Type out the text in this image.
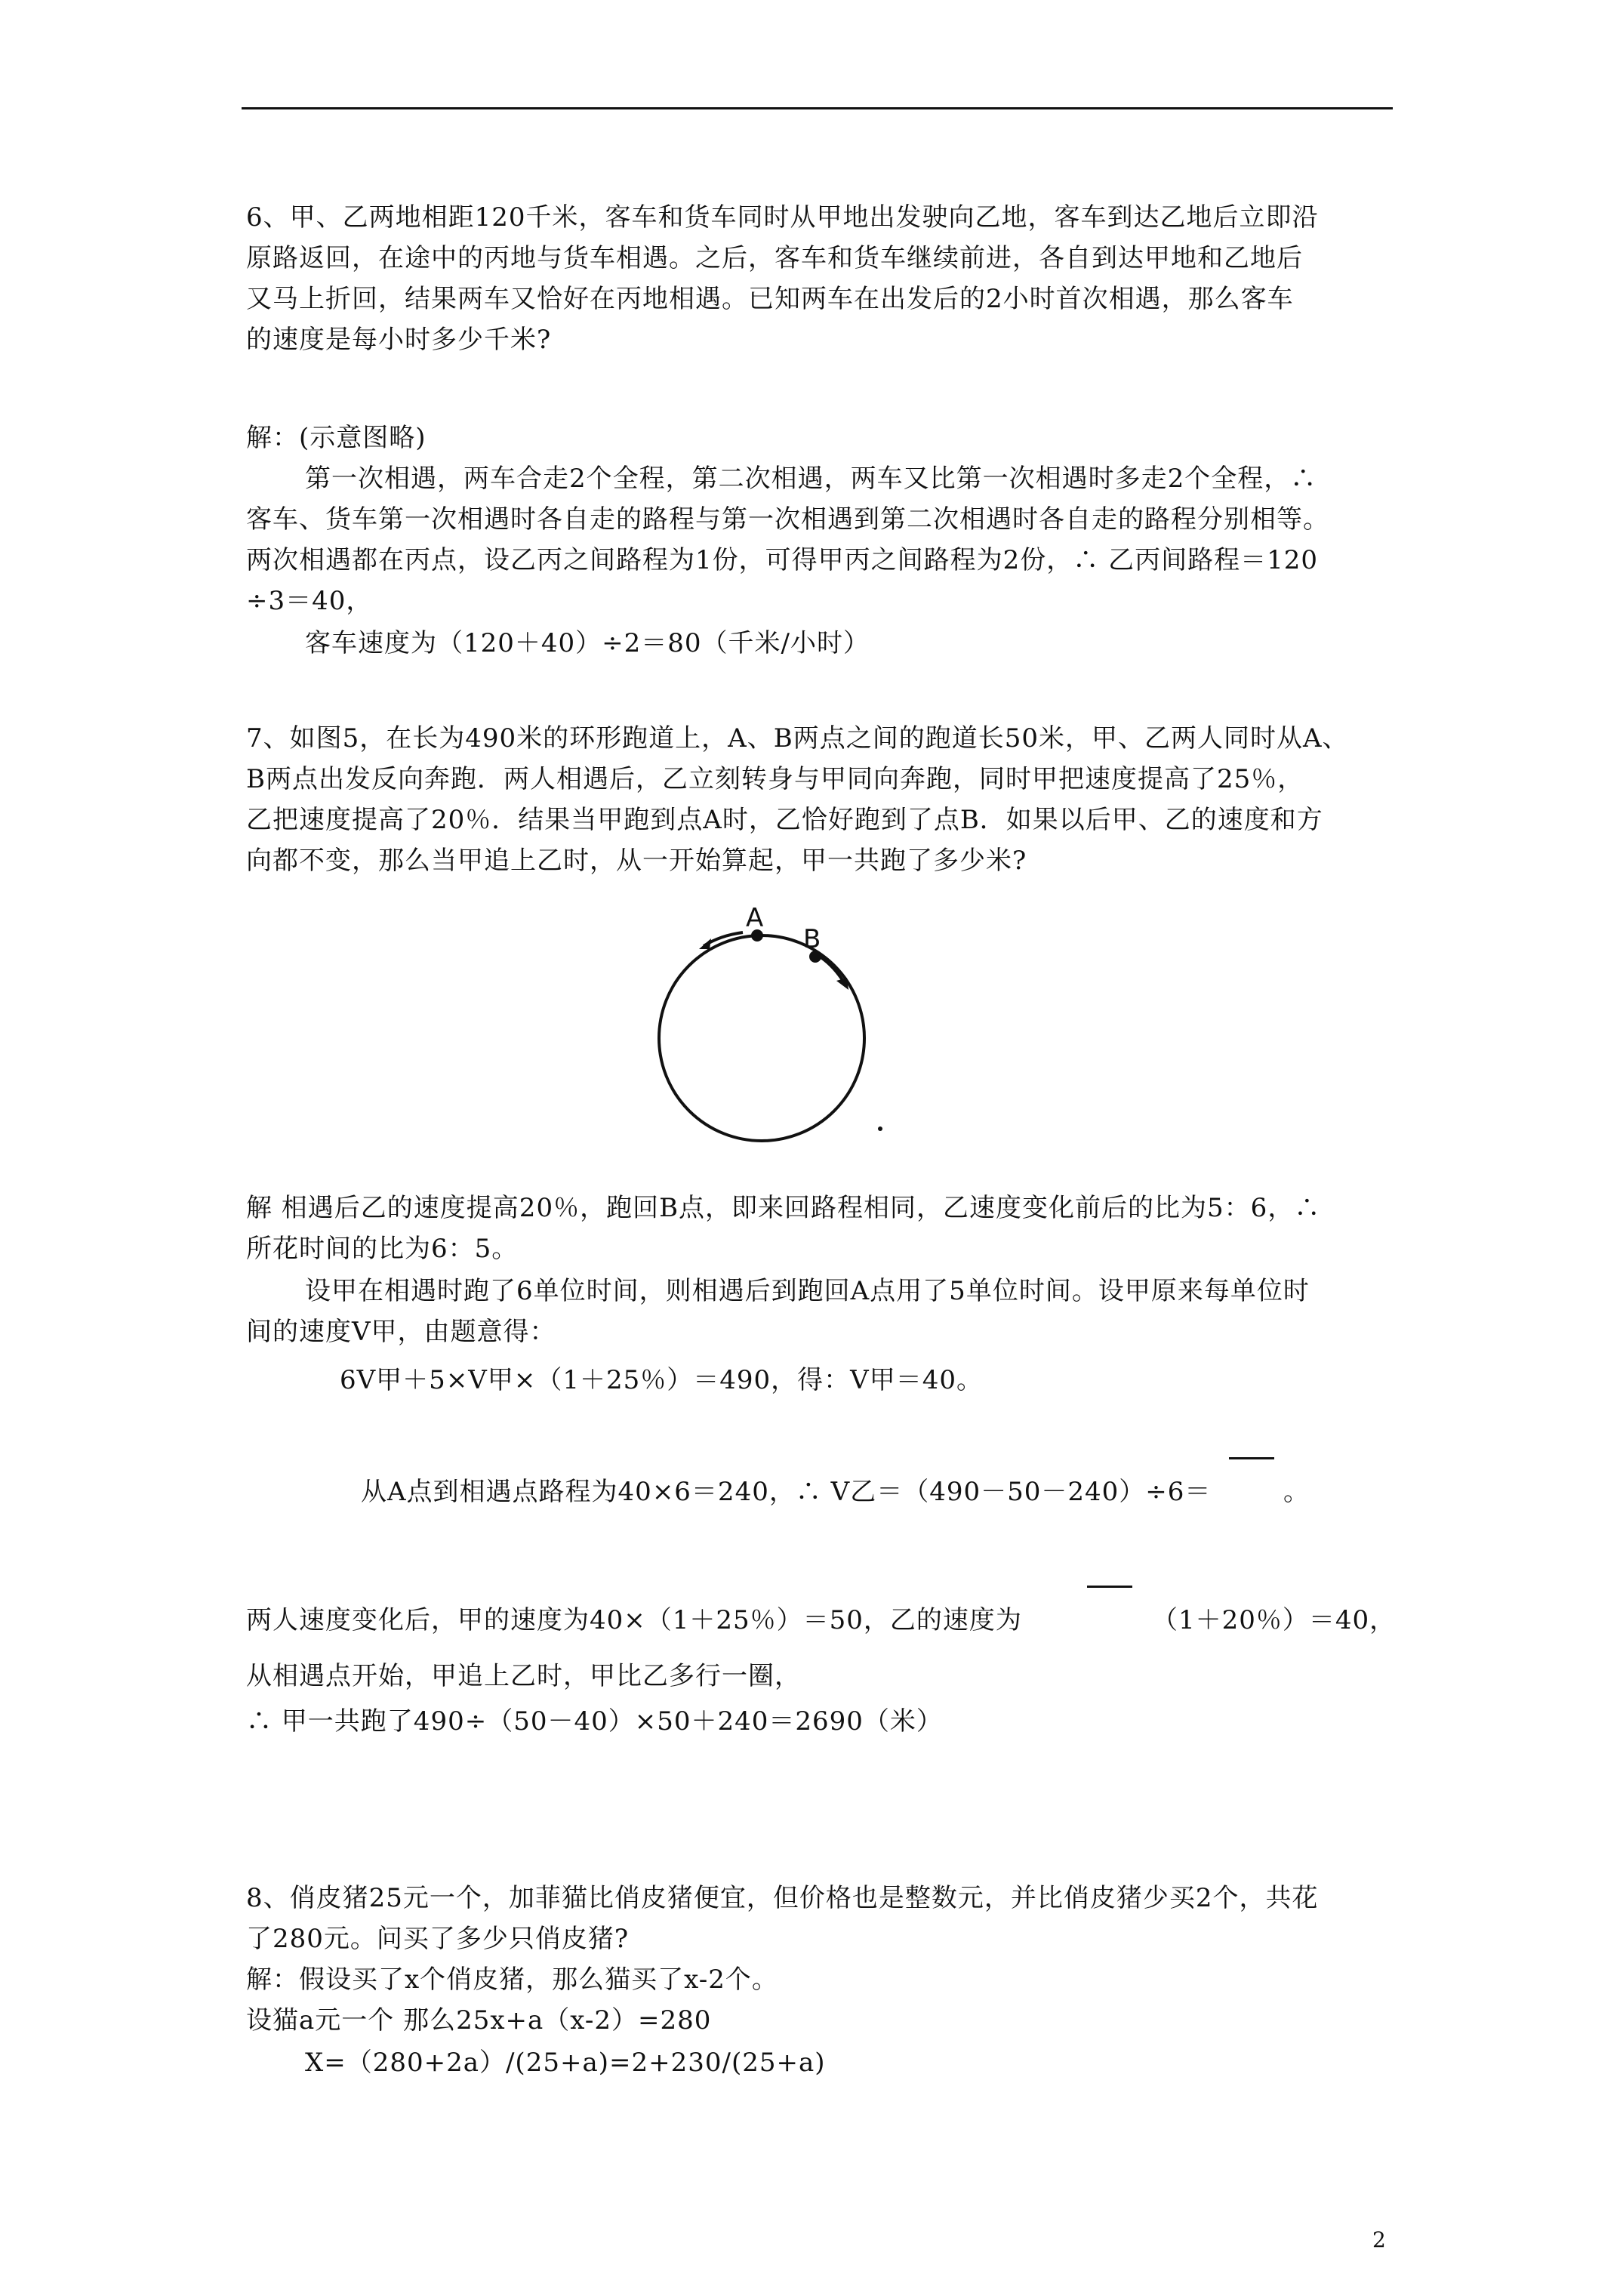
6、甲、乙两地相距120千米，客车和货车同时从甲地出发驶向乙地，客车到达乙地后立即沿
原路返回，在途中的丙地与货车相遇。之后，客车和货车继续前进，各自到达甲地和乙地后
又马上折回，结果两车又恰好在丙地相遇。已知两车在出发后的2小时首次相遇，那么客车
的速度是每小时多少千米?
解：(示意图略)
第一次相遇，两车合走2个全程，第二次相遇，两车又比第一次相遇时多走2个全程，∴
客车、货车第一次相遇时各自走的路程与第一次相遇到第二次相遇时各自走的路程分别相等。
两次相遇都在丙点，设乙丙之间路程为1份，可得甲丙之间路程为2份，∴ 乙丙间路程＝120
÷3＝40，
客车速度为（120＋40）÷2＝80（千米/小时）
7、如图5，在长为490米的环形跑道上，A、B两点之间的跑道长50米，甲、乙两人同时从A、
B两点出发反向奔跑．两人相遇后，乙立刻转身与甲同向奔跑，同时甲把速度提高了25％，
乙把速度提高了20％．结果当甲跑到点A时，乙恰好跑到了点B．如果以后甲、乙的速度和方
向都不变，那么当甲追上乙时，从一开始算起，甲一共跑了多少米?
A
B
解 相遇后乙的速度提高20％，跑回B点，即来回路程相同，乙速度变化前后的比为5：6，∴
所花时间的比为6：5。
设甲在相遇时跑了6单位时间，则相遇后到跑回A点用了5单位时间。设甲原来每单位时
间的速度V甲，由题意得：
6V甲＋5×V甲×（1＋25％）＝490，得：V甲＝40。
从A点到相遇点路程为40×6＝240，∴ V乙＝（490－50－240）÷6＝	。
两人速度变化后，甲的速度为40×（1＋25％）＝50，乙的速度为	（1＋20％）＝40，
从相遇点开始，甲追上乙时，甲比乙多行一圈，
∴ 甲一共跑了490÷（50－40）×50＋240＝2690（米）
8、俏皮猪25元一个，加菲猫比俏皮猪便宜，但价格也是整数元，并比俏皮猪少买2个，共花
了280元。问买了多少只俏皮猪?
解：假设买了x个俏皮猪，那么猫买了x-2个。
设猫a元一个 那么25x+a（x-2）=280
X=（280+2a）/(25+a)=2+230/(25+a)
2
